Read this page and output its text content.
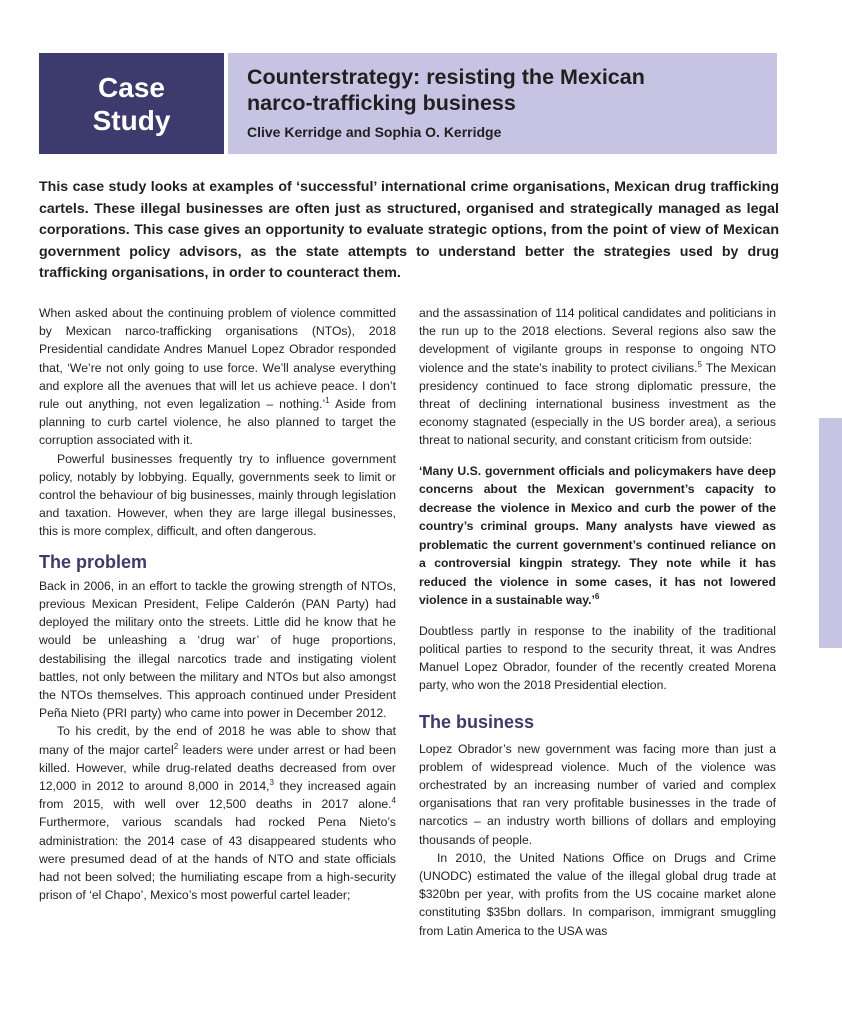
Case
Study
Counterstrategy: resisting the Mexican
narco-trafficking business
Clive Kerridge and Sophia O. Kerridge

This case study looks at examples of ‘successful’ international crime organisations, Mexican drug trafficking cartels. These illegal businesses are often just as structured, organised and strategically managed as legal corporations. This case gives an opportunity to evaluate strategic options, from the point of view of Mexican government policy advisors, as the state attempts to understand better the strategies used by drug trafficking organisations, in order to counteract them.

When asked about the continuing problem of violence committed by Mexican narco-trafficking organisations (NTOs), 2018 Presidential candidate Andres Manuel Lopez Obrador responded that, ‘We’re not only going to use force. We’ll analyse everything and explore all the avenues that will let us achieve peace. I don’t rule out anything, not even legalization – nothing.’$^1$ Aside from planning to curb cartel violence, he also planned to target the corruption associated with it.

Powerful businesses frequently try to influence government policy, notably by lobbying. Equally, governments seek to limit or control the behaviour of big businesses, mainly through legislation and taxation. However, when they are large illegal businesses, this is more complex, difficult, and often dangerous.

The problem

Back in 2006, in an effort to tackle the growing strength of NTOs, previous Mexican President, Felipe Calderón (PAN Party) had deployed the military onto the streets. Little did he know that he would be unleashing a ‘drug war’ of huge proportions, destabilising the illegal narcotics trade and instigating violent battles, not only between the military and NTOs but also amongst the NTOs themselves. This approach continued under President Peña Nieto (PRI party) who came into power in December 2012.

To his credit, by the end of 2018 he was able to show that many of the major cartel$^2$ leaders were under arrest or had been killed. However, while drug-related deaths decreased from over 12,000 in 2012 to around 8,000 in 2014,$^3$ they increased again from 2015, with well over 12,500 deaths in 2017 alone.$^4$ Furthermore, various scandals had rocked Pena Nieto’s administration: the 2014 case of 43 disappeared students who were presumed dead of at the hands of NTO and state officials had not been solved; the humiliating escape from a high-security prison of ‘el Chapo’, Mexico’s most powerful cartel leader;

and the assassination of 114 political candidates and politicians in the run up to the 2018 elections. Several regions also saw the development of vigilante groups in response to ongoing NTO violence and the state’s inability to protect civilians.$^5$ The Mexican presidency continued to face strong diplomatic pressure, the threat of declining international business investment as the economy stagnated (especially in the US border area), a serious threat to national security, and constant criticism from outside:

‘Many U.S. government officials and policymakers have deep concerns about the Mexican government’s capacity to decrease the violence in Mexico and curb the power of the country’s criminal groups. Many analysts have viewed as problematic the current government’s continued reliance on a controversial kingpin strategy. They note while it has reduced the violence in some cases, it has not lowered violence in a sustainable way.’$^6$

Doubtless partly in response to the inability of the traditional political parties to respond to the security threat, it was Andres Manuel Lopez Obrador, founder of the recently created Morena party, who won the 2018 Presidential election.

The business

Lopez Obrador’s new government was facing more than just a problem of widespread violence. Much of the violence was orchestrated by an increasing number of varied and complex organisations that ran very profitable businesses in the trade of narcotics – an industry worth billions of dollars and employing thousands of people.

In 2010, the United Nations Office on Drugs and Crime (UNODC) estimated the value of the illegal global drug trade at $320bn per year, with profits from the US cocaine market alone constituting $35bn dollars. In comparison, immigrant smuggling from Latin America to the USA was
